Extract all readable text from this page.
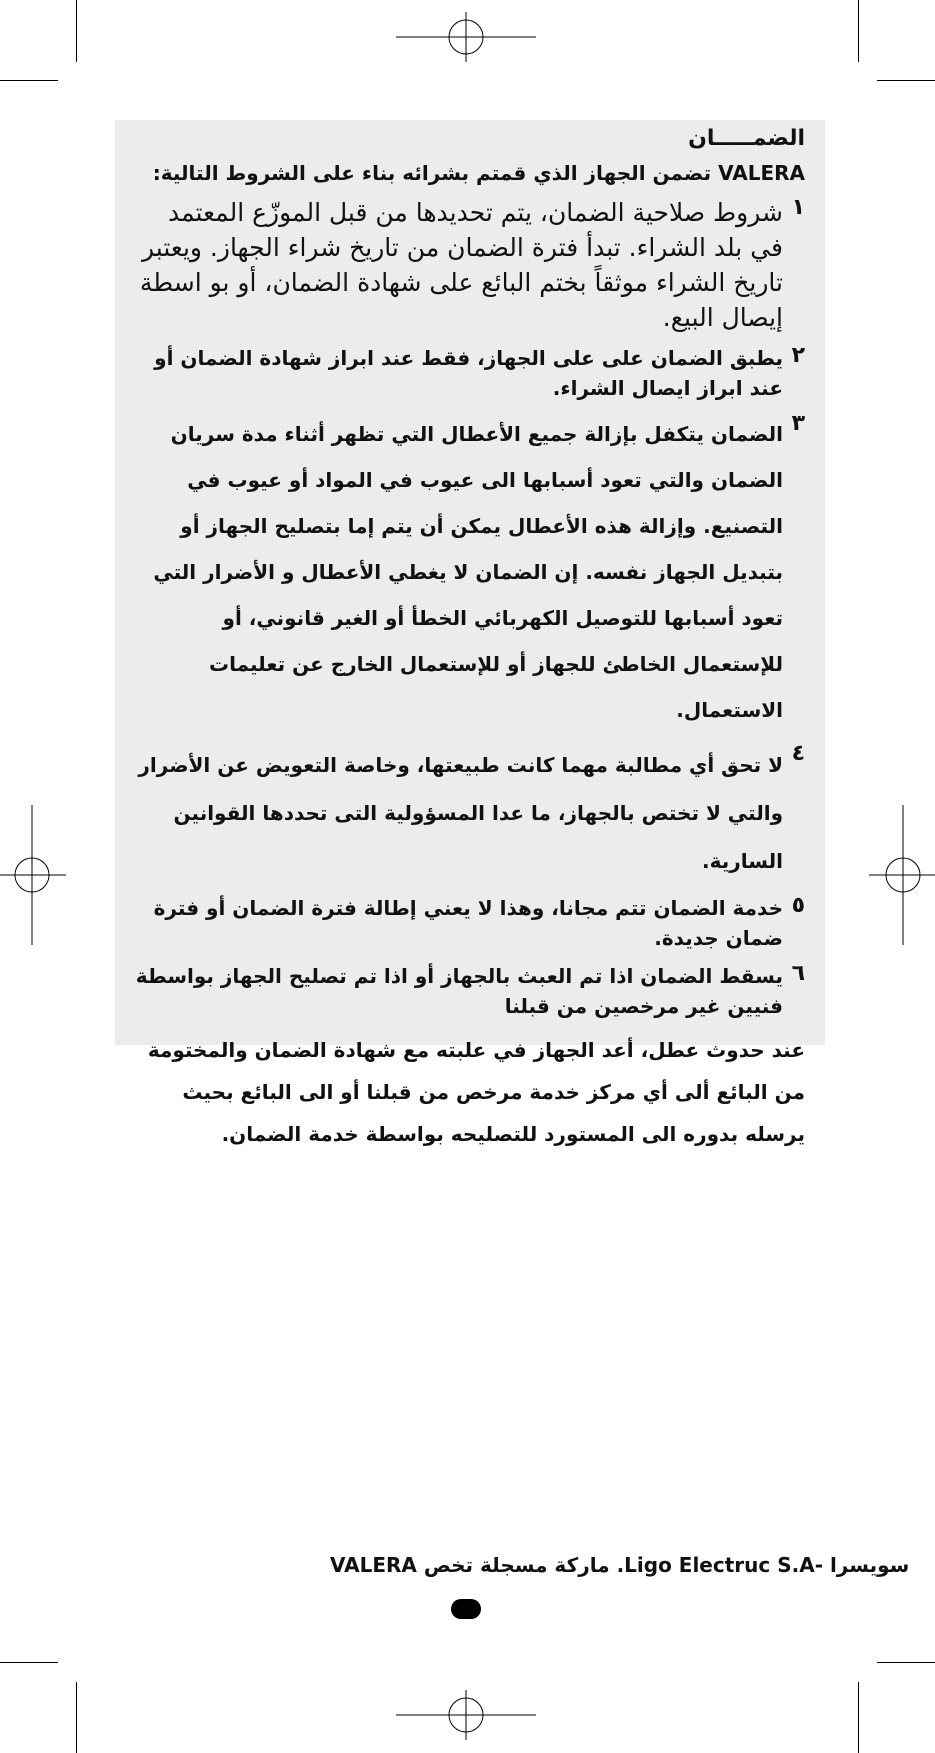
الضمـــــان
VALERA تضمن الجهاز الذي قمتم بشرائه بناء على الشروط التالية:
١
شروط صلاحية الضمان، يتم تحديدها من قبل الموزّع المعتمد في بلد الشراء. تبدأ فترة الضمان من تاريخ شراء الجهاز. ويعتبر تاريخ الشراء موثقاً بختم البائع على شهادة الضمان، أو بو اسطة إيصال البيع.
٢
يطبق الضمان على على الجهاز، فقط عند ابراز شهادة الضمان أو عند ابراز ايصال الشراء.
٣
الضمان يتكفل بإزالة جميع الأعطال التي تظهر أثناء مدة سريان الضمان والتي تعود أسبابها الى عيوب في المواد أو عيوب في التصنيع. وإزالة هذه الأعطال يمكن أن يتم إما بتصليح الجهاز أو بتبديل الجهاز نفسه. إن الضمان لا يغطي الأعطال و الأضرار التي تعود أسبابها للتوصيل الكهربائي الخطأ أو الغير قانوني، أو للإستعمال الخاطئ للجهاز أو للإستعمال الخارج عن تعليمات الاستعمال.
٤
لا تحق أي مطالبة مهما كانت طبيعتها، وخاصة التعويض عن الأضرار والتي لا تختص بالجهاز، ما عدا المسؤولية التى تحددها القوانين السارية.
٥
خدمة الضمان تتم مجانا، وهذا لا يعني إطالة فترة الضمان أو فترة ضمان جديدة.
٦
يسقط الضمان اذا تم العبث بالجهاز أو اذا تم تصليح الجهاز بواسطة فنيين غير مرخصين من قبلنا
عند حدوث عطل، أعد الجهاز في علبته مع شهادة الضمان والمختومة من البائع ألى أي مركز خدمة مرخص من قبلنا أو الى البائع بحيث يرسله بدوره الى المستورد للتصليحه بواسطة خدمة الضمان.
VALERA ماركة مسجلة تخص .Ligo Electruc S.A- سويسرا
